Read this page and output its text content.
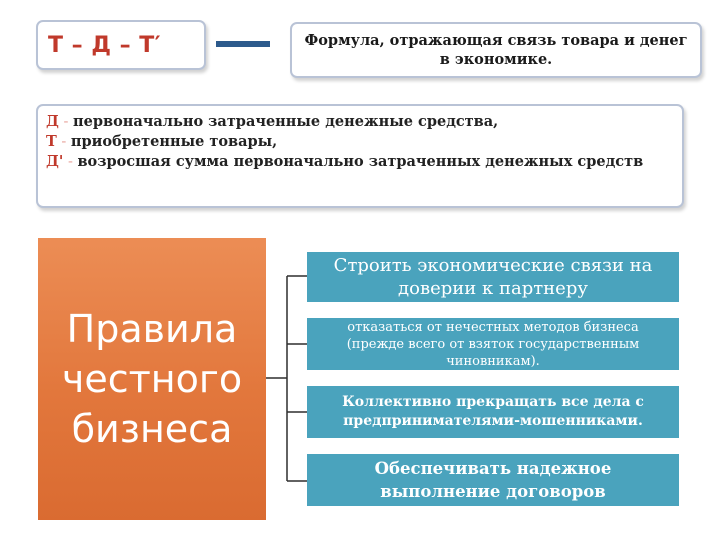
Т – Д – Т′	Формула, отражающая связь товара и денег в экономике.
Д - первоначально затраченные денежные средства,
Т - приобретенные товары,
Д' - возросшая сумма первоначально затраченных денежных средств
Правила честного бизнеса
Строить экономические связи на доверии к партнеру
отказаться от нечестных методов бизнеса (прежде всего от взяток государственным чиновникам).
Коллективно прекращать все дела с предпринимателями-мошенниками.
Обеспечивать надежное выполнение договоров
